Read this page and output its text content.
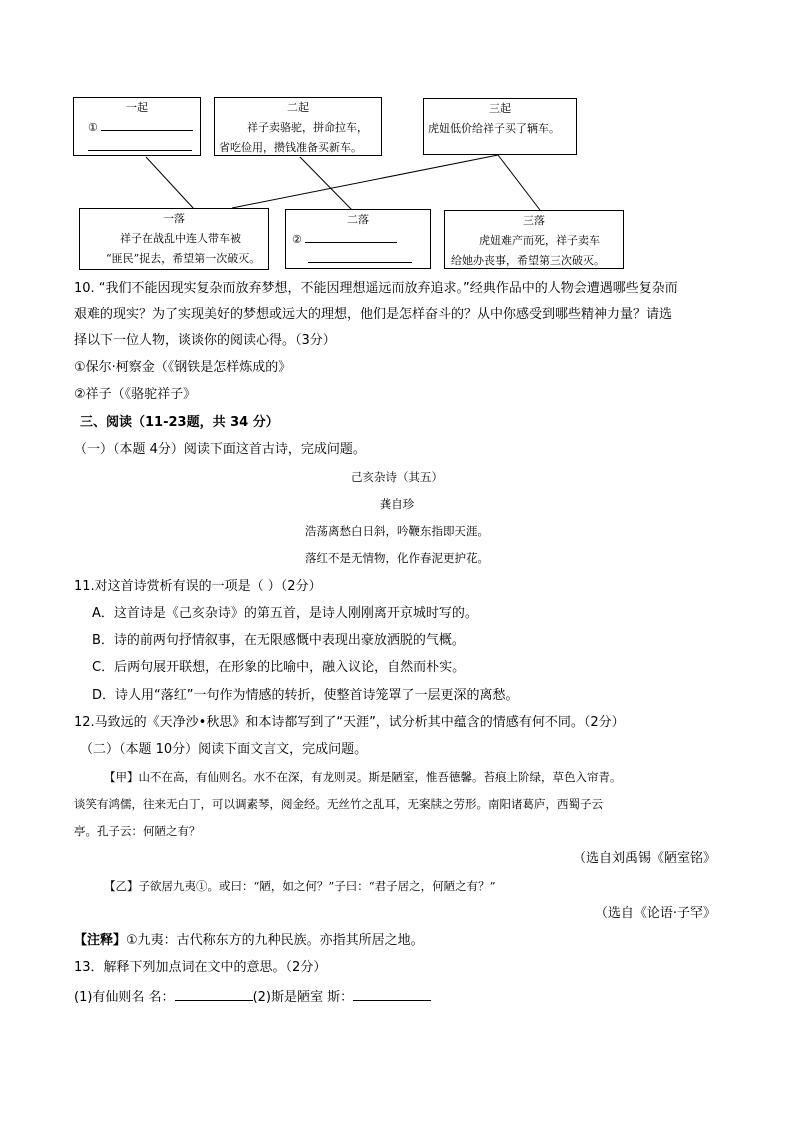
一起
①
二起
祥子卖骆驼，拼命拉车，
省吃俭用，攒钱准备买新车。
三起
虎妞低价给祥子买了辆车。
一落
祥子在战乱中连人带车被
“匪民”捉去，希望第一次破灭。
二落
②
三落
虎妞难产而死，祥子卖车
给她办丧事，希望第三次破灭。
10. “我们不能因现实复杂而放弃梦想，不能因理想遥远而放弃追求。”经典作品中的人物会遭遇哪些复杂而
艰难的现实？为了实现美好的梦想或远大的理想，他们是怎样奋斗的？从中你感受到哪些精神力量？请选
择以下一位人物，谈谈你的阅读心得。（3分）
①保尔·柯察金（《钢铁是怎样炼成的》
②祥子（《骆驼祥子》
三、阅读（11-23题，共 34 分）
（一）（本题 4分）阅读下面这首古诗，完成问题。
己亥杂诗（其五）
龚自珍
浩荡离愁白日斜，吟鞭东指即天涯。
落红不是无情物，化作春泥更护花。
11.对这首诗赏析有误的一项是（ ）（2分）
A．这首诗是《己亥杂诗》的第五首，是诗人刚刚离开京城时写的。
B．诗的前两句抒情叙事，在无限感慨中表现出豪放洒脱的气概。
C．后两句展开联想，在形象的比喻中，融入议论，自然而朴实。
D．诗人用“落红”一句作为情感的转折，使整首诗笼罩了一层更深的离愁。
12.马致远的《天净沙•秋思》和本诗都写到了“天涯”，试分析其中蕴含的情感有何不同。（2分）
（二）（本题 10分）阅读下面文言文，完成问题。
【甲】山不在高，有仙则名。水不在深，有龙则灵。斯是陋室，惟吾德馨。苔痕上阶绿，草色入帘青。
谈笑有鸿儒，往来无白丁，可以调素琴，阅金经。无丝竹之乱耳，无案牍之劳形。南阳诸葛庐，西蜀子云
亭。孔子云：何陋之有？
（选自刘禹锡《陋室铭》
【乙】子欲居九夷①。或曰：“陋，如之何？”子曰：“君子居之，何陋之有？”
（选自《论语·子罕》
【注释】①九夷：古代称东方的九种民族。亦指其所居之地。
13．解释下列加点词在文中的意思。（2分）
(1)有仙则名 名：	(2)斯是陋室 斯：
